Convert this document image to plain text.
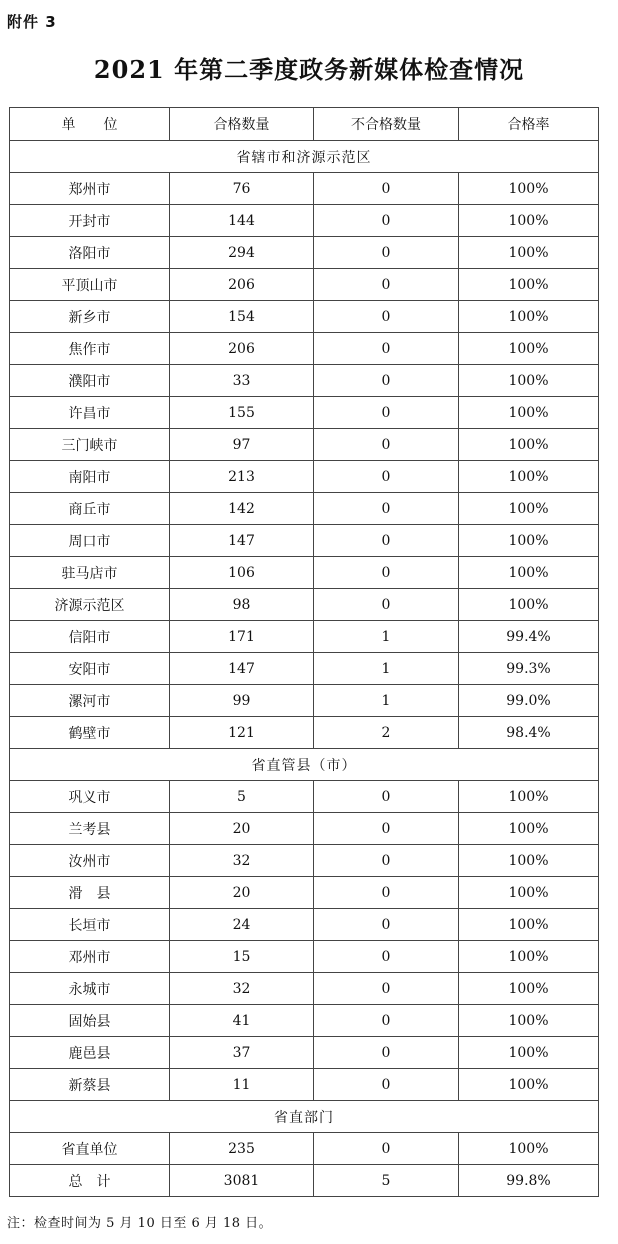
附件 3
2021 年第二季度政务新媒体检查情况
单　　位	合格数量	不合格数量	合格率
省辖市和济源示范区			
郑州市	76	0	100%
开封市	144	0	100%
洛阳市	294	0	100%
平顶山市	206	0	100%
新乡市	154	0	100%
焦作市	206	0	100%
濮阳市	33	0	100%
许昌市	155	0	100%
三门峡市	97	0	100%
南阳市	213	0	100%
商丘市	142	0	100%
周口市	147	0	100%
驻马店市	106	0	100%
济源示范区	98	0	100%
信阳市	171	1	99.4%
安阳市	147	1	99.3%
漯河市	99	1	99.0%
鹤壁市	121	2	98.4%
省直管县（市）			
巩义市	5	0	100%
兰考县	20	0	100%
汝州市	32	0	100%
滑　县	20	0	100%
长垣市	24	0	100%
邓州市	15	0	100%
永城市	32	0	100%
固始县	41	0	100%
鹿邑县	37	0	100%
新蔡县	11	0	100%
省直部门			
省直单位	235	0	100%
总　计	3081	5	99.8%
注：检查时间为 5 月 10 日至 6 月 18 日。
